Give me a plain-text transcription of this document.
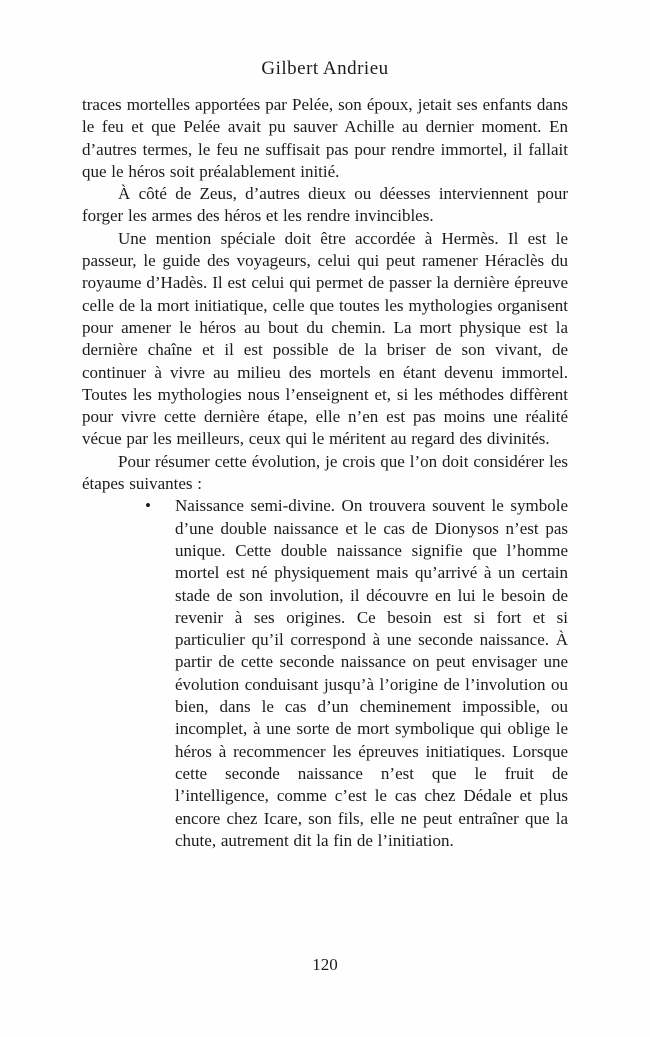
Gilbert Andrieu

traces mortelles apportées par Pelée, son époux, jetait ses enfants dans le feu et que Pelée avait pu sauver Achille au dernier moment. En d’autres termes, le feu ne suffisait pas pour rendre immortel, il fallait que le héros soit préalablement initié.

À côté de Zeus, d’autres dieux ou déesses interviennent pour forger les armes des héros et les rendre invincibles.

Une mention spéciale doit être accordée à Hermès. Il est le passeur, le guide des voyageurs, celui qui peut ramener Héraclès du royaume d’Hadès. Il est celui qui permet de passer la dernière épreuve celle de la mort initiatique, celle que toutes les mythologies organisent pour amener le héros au bout du chemin. La mort physique est la dernière chaîne et il est possible de la briser de son vivant, de continuer à vivre au milieu des mortels en étant devenu immortel. Toutes les mythologies nous l’enseignent et, si les méthodes diffèrent pour vivre cette dernière étape, elle n’en est pas moins une réalité vécue par les meilleurs, ceux qui le méritent au regard des divinités.

Pour résumer cette évolution, je crois que l’on doit considérer les étapes suivantes :

•	Naissance semi-divine. On trouvera souvent le symbole d’une double naissance et le cas de Dionysos n’est pas unique. Cette double naissance signifie que l’homme mortel est né physiquement mais qu’arrivé à un certain stade de son involution, il découvre en lui le besoin de revenir à ses origines. Ce besoin est si fort et si particulier qu’il correspond à une seconde naissance. À partir de cette seconde naissance on peut envisager une évolution conduisant jusqu’à l’origine de l’involution ou bien, dans le cas d’un cheminement impossible, ou incomplet, à une sorte de mort symbolique qui oblige le héros à recommencer les épreuves initiatiques. Lorsque cette seconde naissance n’est que le fruit de l’intelligence, comme c’est le cas chez Dédale et plus encore chez Icare, son fils, elle ne peut entraîner que la chute, autrement dit la fin de l’initiation.
120
